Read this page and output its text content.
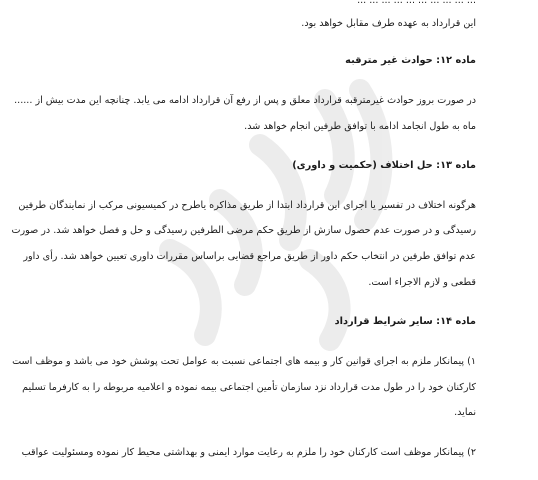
... ... ... ... ... ... ... ... ... ...
این قرارداد به عهده طرف مقابل خواهد بود.
ماده ۱۲: حوادث غیر مترقبه
در صورت بروز حوادث غیرمترقبه قرارداد معلق و پس از رفع آن قرارداد ادامه می یابد. چنانچه این مدت بیش از ......
ماه به طول انجامد ادامه با توافق طرفین انجام خواهد شد.
ماده ۱۳: حل اختلاف (حکمیت و داوری)
هرگونه اختلاف در تفسیر یا اجرای این قرارداد ابتدا از طریق مذاکره یاطرح در کمیسیونی مرکب از نمایندگان طرفین
رسیدگی و در صورت عدم حصول سازش از طریق حکم مرضی الطرفین رسیدگی و حل و فصل خواهد شد. در صورت
عدم توافق طرفین در انتخاب حکم داور از طریق مراجع قضایی براساس مقررات داوری تعیین خواهد شد. رأی داور
قطعی و لازم الاجراء است.
ماده ۱۴: سایر شرایط قرارداد
۱) پیمانکار ملزم به اجرای قوانین کار و بیمه های اجتماعی نسبت به عوامل تحت پوشش خود می باشد و موظف است
کارکنان خود را در طول مدت قرارداد نزد سازمان تأمین اجتماعی بیمه نموده و اعلامیه مربوطه را به کارفرما تسلیم
نماید.
۲) پیمانکار موظف است کارکنان خود را ملزم به رعایت موارد ایمنی و بهداشتی محیط کار نموده ومسئولیت عواقب
